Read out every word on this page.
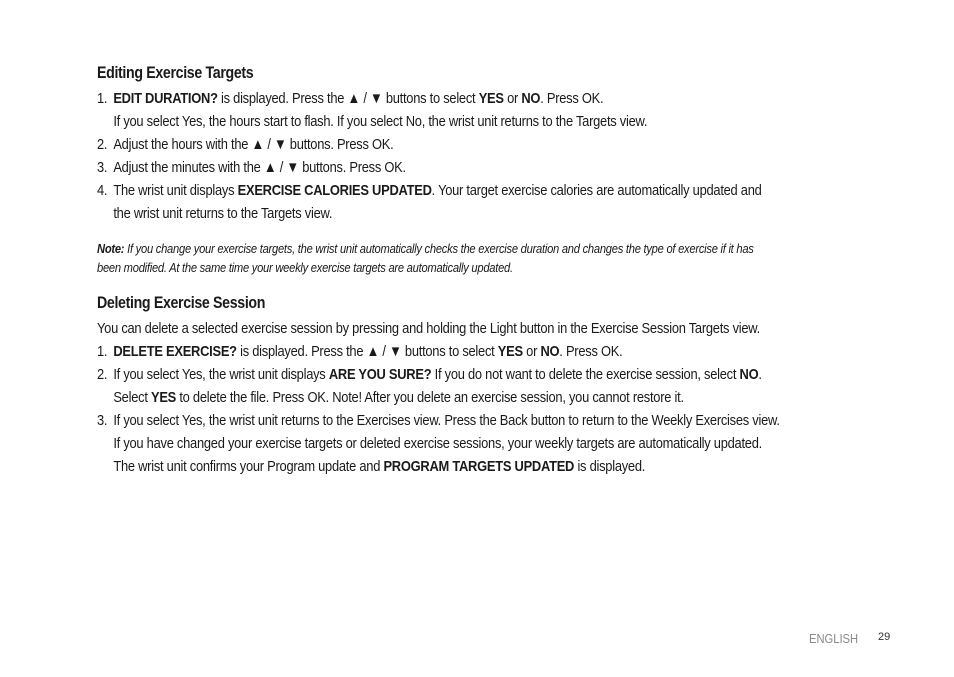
Editing Exercise Targets
1. EDIT DURATION? is displayed. Press the ▲ / ▼ buttons to select YES or NO. Press OK.
If you select Yes, the hours start to flash. If you select No, the wrist unit returns to the Targets view.
2. Adjust the hours with the ▲ / ▼ buttons. Press OK.
3. Adjust the minutes with the ▲ / ▼ buttons. Press OK.
4. The wrist unit displays EXERCISE CALORIES UPDATED. Your target exercise calories are automatically updated and
the wrist unit returns to the Targets view.
Note: If you change your exercise targets, the wrist unit automatically checks the exercise duration and changes the type of exercise if it has
been modified. At the same time your weekly exercise targets are automatically updated.
Deleting Exercise Session
You can delete a selected exercise session by pressing and holding the Light button in the Exercise Session Targets view.
1. DELETE EXERCISE? is displayed. Press the ▲ / ▼ buttons to select YES or NO. Press OK.
2. If you select Yes, the wrist unit displays ARE YOU SURE? If you do not want to delete the exercise session, select NO.
Select YES to delete the file. Press OK. Note! After you delete an exercise session, you cannot restore it.
3. If you select Yes, the wrist unit returns to the Exercises view. Press the Back button to return to the Weekly Exercises view.
If you have changed your exercise targets or deleted exercise sessions, your weekly targets are automatically updated.
The wrist unit confirms your Program update and PROGRAM TARGETS UPDATED is displayed.
ENGLISH 29
